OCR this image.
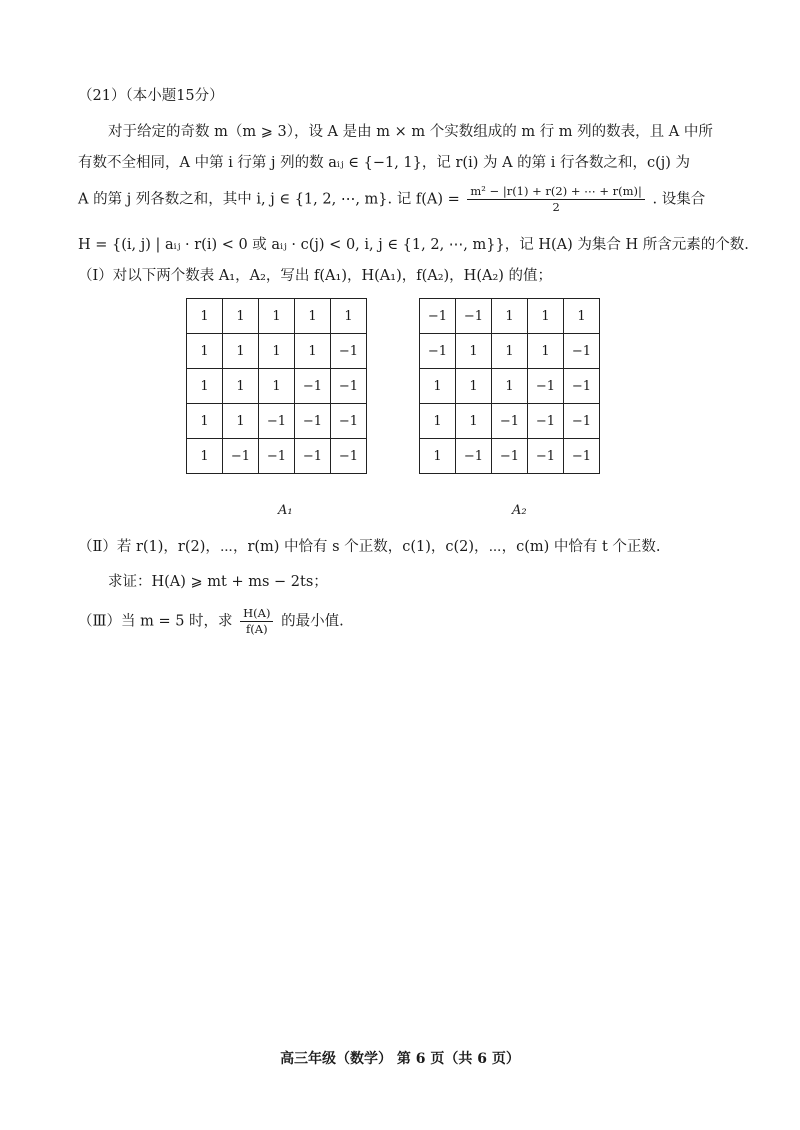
（21）（本小题15分）
对于给定的奇数 m（m ⩾ 3），设 A 是由 m × m 个实数组成的 m 行 m 列的数表，且 A 中所
有数不全相同，A 中第 i 行第 j 列的数 aᵢⱼ ∈ {−1, 1}，记 r(i) 为 A 的第 i 行各数之和，c(j) 为
A 的第 j 列各数之和，其中 i, j ∈ {1, 2, ⋯, m}. 记 $f(A) = \frac{\text{m² − |r(1) + r(2) + ⋯ + r(m)|}}{2}$ . 设集合
H = {(i, j) | aᵢⱼ · r(i) < 0 或 aᵢⱼ · c(j) < 0, i, j ∈ {1, 2, ⋯, m}}，记 H(A) 为集合 H 所含元素的个数.
（Ⅰ）对以下两个数表 A₁，A₂，写出 f(A₁)，H(A₁)，f(A₂)，H(A₂) 的值；
1	1	1	1	1
1	1	1	1	−1
1	1	1	−1	−1
1	1	−1	−1	−1
1	−1	−1	−1	−1
−1	−1	1	1	1
−1	1	1	1	−1
1	1	1	−1	−1
1	1	−1	−1	−1
1	−1	−1	−1	−1
A₁	A₂
（Ⅱ）若 r(1)，r(2)，⋯，r(m) 中恰有 s 个正数，c(1)，c(2)，⋯，c(m) 中恰有 t 个正数.
求证：H(A) ⩾ mt + ms − 2ts；
（Ⅲ）当 m = 5 时，求 $\frac{H(A)}{f(A)}$ 的最小值.
高三年级（数学） 第 6 页（共 6 页）
